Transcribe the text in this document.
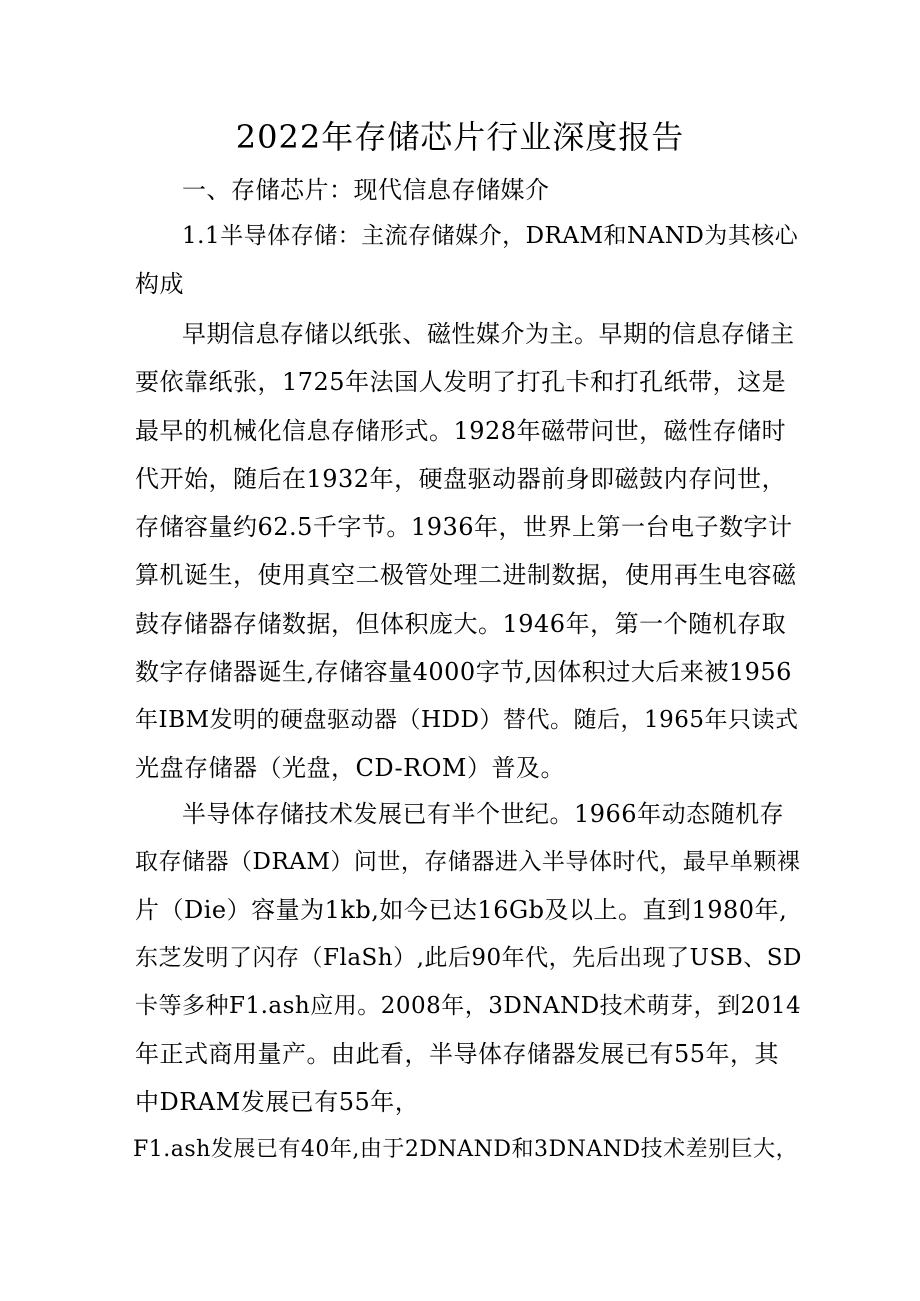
2022年存储芯片行业深度报告
一、存储芯片：现代信息存储媒介
1.1半导体存储：主流存储媒介，DRAM和NAND为其核心
构成
早期信息存储以纸张、磁性媒介为主。早期的信息存储主
要依靠纸张，1725年法国人发明了打孔卡和打孔纸带，这是
最早的机械化信息存储形式。1928年磁带问世，磁性存储时
代开始，随后在1932年，硬盘驱动器前身即磁鼓内存问世，
存储容量约62.5千字节。1936年，世界上第一台电子数字计
算机诞生，使用真空二极管处理二进制数据，使用再生电容磁
鼓存储器存储数据，但体积庞大。1946年，第一个随机存取
数字存储器诞生,存储容量4000字节,因体积过大后来被1956
年IBM发明的硬盘驱动器（HDD）替代。随后，1965年只读式
光盘存储器（光盘，CD-ROM）普及。
半导体存储技术发展已有半个世纪。1966年动态随机存
取存储器（DRAM）问世，存储器进入半导体时代，最早单颗裸
片（Die）容量为1kb,如今已达16Gb及以上。直到1980年,
东芝发明了闪存（FlaSh）,此后90年代，先后出现了USB、SD
卡等多种F1.ash应用。2008年，3DNAND技术萌芽，到2014
年正式商用量产。由此看，半导体存储器发展已有55年，其
中DRAM发展已有55年，
F1.ash发展已有40年,由于2DNAND和3DNAND技术差别巨大，
